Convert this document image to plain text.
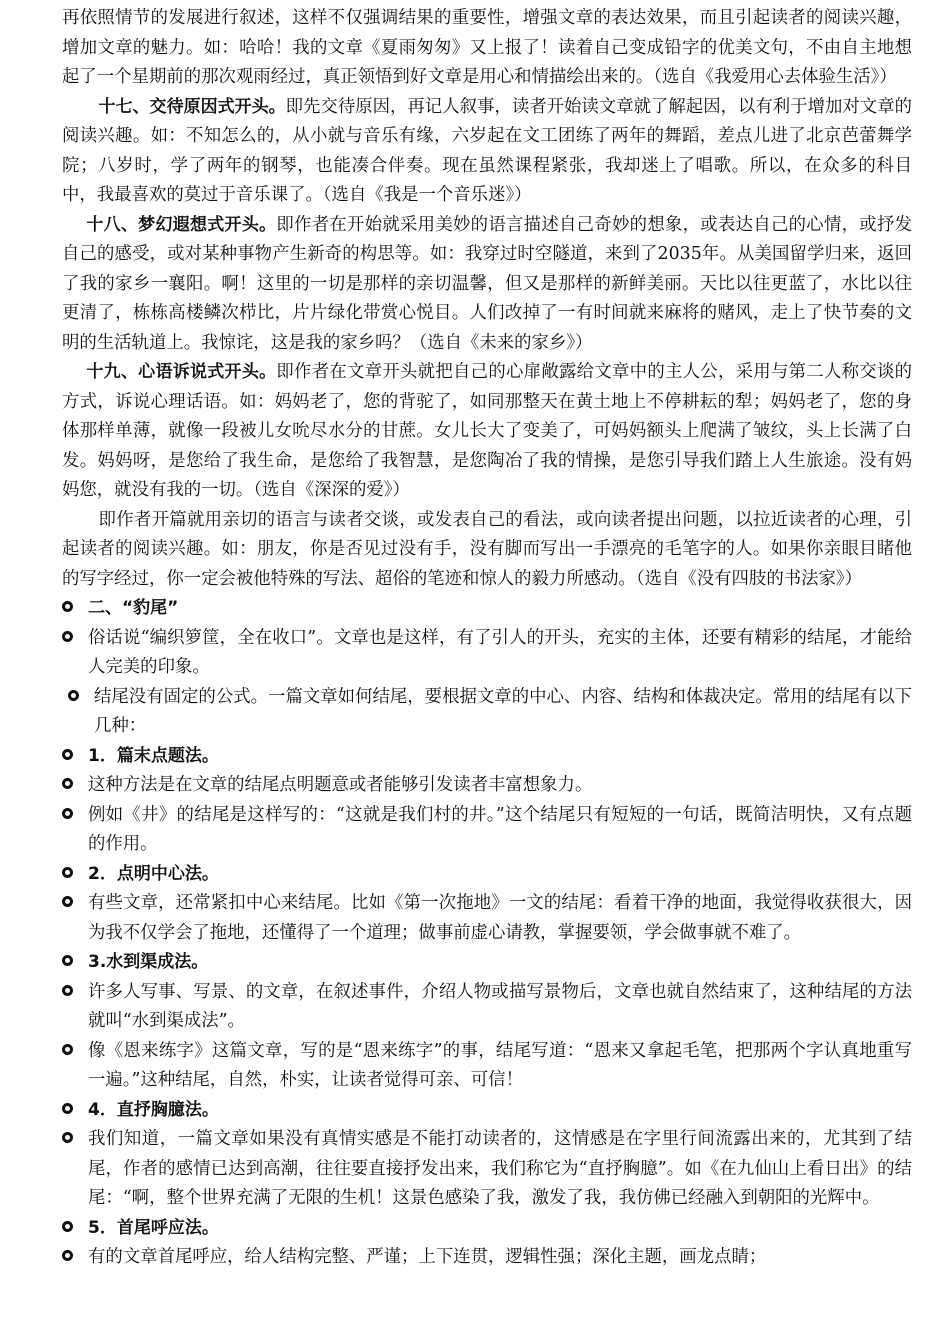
再依照情节的发展进行叙述，这样不仅强调结果的重要性，增强文章的表达效果，而且引起读者的阅读兴趣，增加文章的魅力。如：哈哈！我的文章《夏雨匆匆》又上报了！读着自己变成铅字的优美文句，不由自主地想起了一个星期前的那次观雨经过，真正领悟到好文章是用心和情描绘出来的。（选自《我爱用心去体验生活》）

十七、交待原因式开头。即先交待原因，再记人叙事，读者开始读文章就了解起因，以有利于增加对文章的阅读兴趣。如：不知怎么的，从小就与音乐有缘，六岁起在文工团练了两年的舞蹈，差点儿进了北京芭蕾舞学院；八岁时，学了两年的钢琴，也能凑合伴奏。现在虽然课程紧张，我却迷上了唱歌。所以，在众多的科目中，我最喜欢的莫过于音乐课了。（选自《我是一个音乐迷》）

十八、梦幻遐想式开头。即作者在开始就采用美妙的语言描述自己奇妙的想象，或表达自己的心情，或抒发自己的感受，或对某种事物产生新奇的构思等。如：我穿过时空隧道，来到了2035年。从美国留学归来，返回了我的家乡一襄阳。啊！这里的一切是那样的亲切温馨，但又是那样的新鲜美丽。天比以往更蓝了，水比以往更清了，栋栋高楼鳞次栉比，片片绿化带赏心悦目。人们改掉了一有时间就来麻将的赌风，走上了快节奏的文明的生活轨道上。我惊诧，这是我的家乡吗？（选自《未来的家乡》）

十九、心语诉说式开头。即作者在文章开头就把自己的心扉敞露给文章中的主人公，采用与第二人称交谈的方式，诉说心理话语。如：妈妈老了，您的背驼了，如同那整天在黄土地上不停耕耘的犁；妈妈老了，您的身体那样单薄，就像一段被儿女吮尽水分的甘蔗。女儿长大了变美了，可妈妈额头上爬满了皱纹，头上长满了白发。妈妈呀，是您给了我生命，是您给了我智慧，是您陶冶了我的情操，是您引导我们踏上人生旅途。没有妈妈您，就没有我的一切。（选自《深深的爱》）

即作者开篇就用亲切的语言与读者交谈，或发表自己的看法，或向读者提出问题，以拉近读者的心理，引起读者的阅读兴趣。如：朋友，你是否见过没有手，没有脚而写出一手漂亮的毛笔字的人。如果你亲眼目睹他的写字经过，你一定会被他特殊的写法、超俗的笔迹和惊人的毅力所感动。（选自《没有四肢的书法家》）

二、“豹尾”
俗话说“编织箩筐，全在收口”。文章也是这样，有了引人的开头，充实的主体，还要有精彩的结尾，才能给人完美的印象。
结尾没有固定的公式。一篇文章如何结尾，要根据文章的中心、内容、结构和体裁决定。常用的结尾有以下几种：
1．篇末点题法。
这种方法是在文章的结尾点明题意或者能够引发读者丰富想象力。
例如《井》的结尾是这样写的：“这就是我们村的井。”这个结尾只有短短的一句话，既简洁明快，又有点题的作用。
2．点明中心法。
有些文章，还常紧扣中心来结尾。比如《第一次拖地》一文的结尾：看着干净的地面，我觉得收获很大，因为我不仅学会了拖地，还懂得了一个道理；做事前虚心请教，掌握要领，学会做事就不难了。
3.水到渠成法。
许多人写事、写景、的文章，在叙述事件，介绍人物或描写景物后，文章也就自然结束了，这种结尾的方法就叫“水到渠成法”。
像《恩来练字》这篇文章，写的是“恩来练字”的事，结尾写道：“恩来又拿起毛笔，把那两个字认真地重写一遍。”这种结尾，自然，朴实，让读者觉得可亲、可信！
4．直抒胸臆法。
我们知道，一篇文章如果没有真情实感是不能打动读者的，这情感是在字里行间流露出来的，尤其到了结尾，作者的感情已达到高潮，往往要直接抒发出来，我们称它为“直抒胸臆”。如《在九仙山上看日出》的结尾：“啊，整个世界充满了无限的生机！这景色感染了我，激发了我，我仿佛已经融入到朝阳的光辉中。
5．首尾呼应法。
有的文章首尾呼应，给人结构完整、严谨；上下连贯，逻辑性强；深化主题，画龙点睛；
